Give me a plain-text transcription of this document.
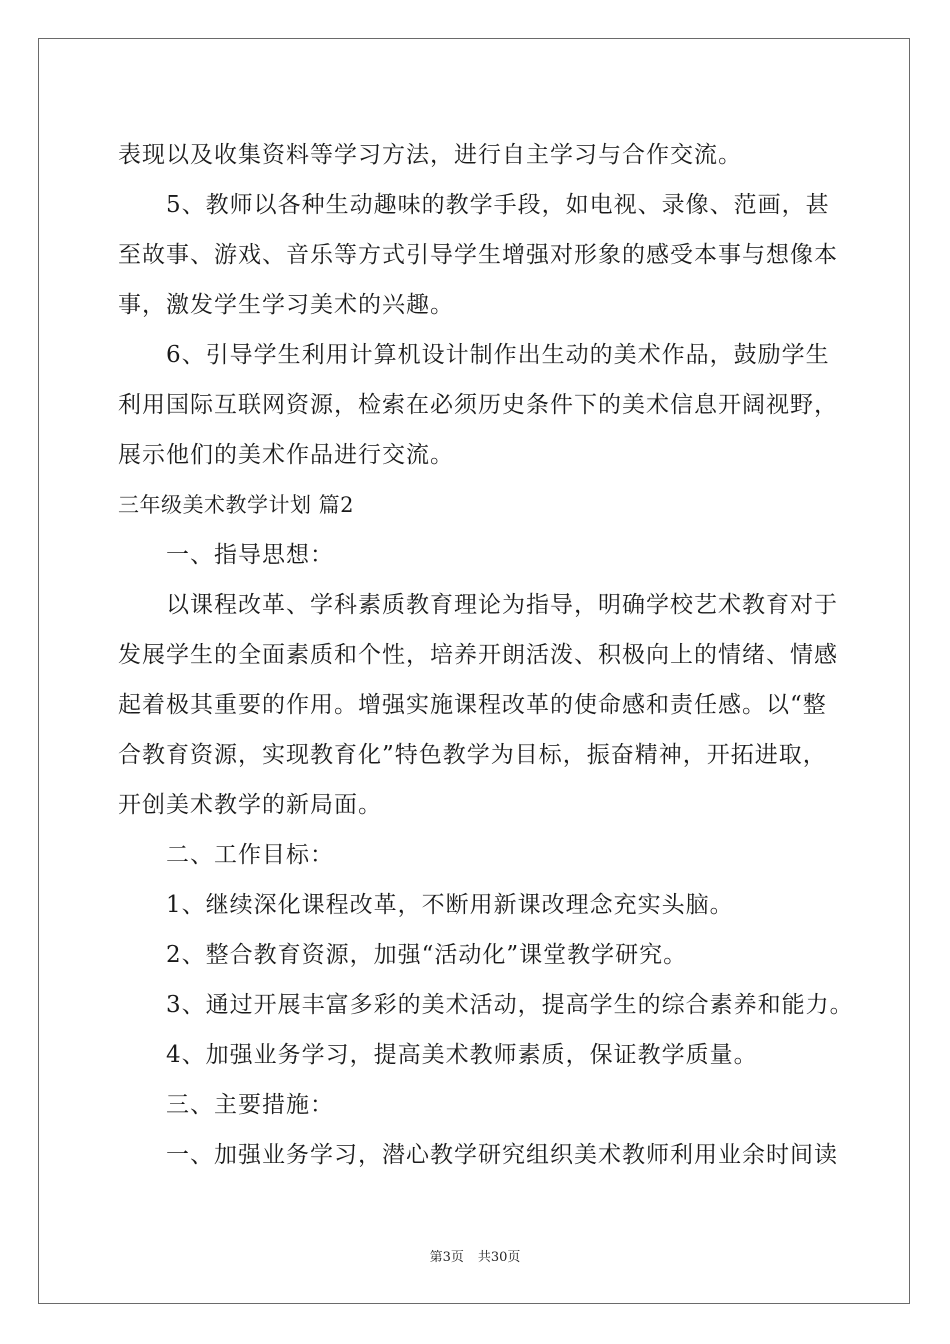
表现以及收集资料等学习方法，进行自主学习与合作交流。
5、教师以各种生动趣味的教学手段，如电视、录像、范画，甚
至故事、游戏、音乐等方式引导学生增强对形象的感受本事与想像本
事，激发学生学习美术的兴趣。
6、引导学生利用计算机设计制作出生动的美术作品，鼓励学生
利用国际互联网资源，检索在必须历史条件下的美术信息开阔视野，
展示他们的美术作品进行交流。
三年级美术教学计划 篇2
一、指导思想：
以课程改革、学科素质教育理论为指导，明确学校艺术教育对于
发展学生的全面素质和个性，培养开朗活泼、积极向上的情绪、情感
起着极其重要的作用。增强实施课程改革的使命感和责任感。以“整
合教育资源，实现教育化”特色教学为目标，振奋精神，开拓进取，
开创美术教学的新局面。
二、工作目标：
1、继续深化课程改革，不断用新课改理念充实头脑。
2、整合教育资源，加强“活动化”课堂教学研究。
3、通过开展丰富多彩的美术活动，提高学生的综合素养和能力。
4、加强业务学习，提高美术教师素质，保证教学质量。
三、主要措施：
一、加强业务学习，潜心教学研究组织美术教师利用业余时间读
第3页 共30页
